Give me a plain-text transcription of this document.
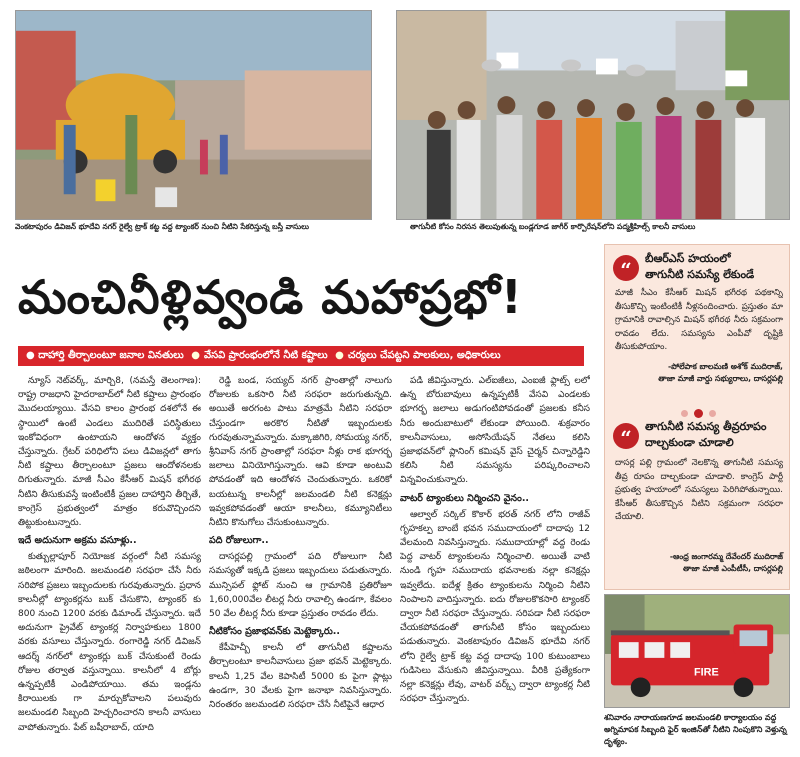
వెంకటాపురం డివిజన్ భూదేవి నగర్ రైల్వే ట్రాక్ కట్ట వద్ద ట్యాంకర్ నుంచి నీటిని సేకరిస్తున్న బస్తీ వాసులు	తాగునీటి కోసం నిరసన తెలుపుతున్న బండ్లగూడ జాగీర్ కార్పొరేషన్‌లోని పద్మశ్రీహిల్స్ కాలనీ వాసులు
మంచినీళ్లివ్వండి మహాప్రభో!
● దాహార్తి తీర్చాలంటూ జనాల వినతులు ● వేసవి ప్రారంభంలోనే నీటి కష్టాలు ● చర్యలు చేపట్టని పాలకులు, అధికారులు

న్యూస్ నెట్‌వర్క్, మార్చి8, (నమస్తే తెలంగాణ): రాష్ట్ర రాజధాని హైదరాబాద్‌లో నీటి కష్టాలు ప్రారంభం మొదలయ్యాయి. వేసవి కాలం ప్రారంభ దశలోనే ఈ స్థాయిలో ఉంటే ఎండలు ముదిరితే పరిస్థితులు ఇంకోవిధంగా ఉంటాయని ఆందోళన వ్యక్తం చేస్తున్నారు. గ్రేటర్ పరిధిలోని పలు డివిజన్లలో తాగు నీటి కష్టాలు తీర్చాలంటూ ప్రజలు ఆందోళనలకు దిగుతున్నారు. మాజీ సీఎం కేసీఆర్ మిషన్ భగీరథ నీటిని తీసుకువస్తే ఇంటింటికీ ప్రజల దాహార్తిని తీర్చితే, కాంగ్రెస్ ప్రభుత్వంలో మాత్రం కరువొచ్చిందని తిట్టుకుంటున్నారు.

ఇదే అదునుగా అక్రమ వసూళ్లు..

కుత్బుల్లాపూర్ నియోజక వర్గంలో నీటి సమస్య జఠిలంగా మారింది. జలమండలి సరఫరా చేసే నీరు సరిపోక ప్రజలు ఇబ్బందులకు గురవుతున్నారు. ప్రధాన కాలనీల్లో ట్యాంకర్లను బుక్ చేసుకొని, ట్యాంకర్ కు 800 నుంచి 1200 వరకు డిమాండ్ చేస్తున్నారు. ఇదే అదునుగా ప్రైవేట్ ట్యాంకర్ల నిర్వాహకులు 1800 వరకు వసూలు చేస్తున్నారు. రంగారెడ్డి నగర్ డివిజన్ ఆదర్శ్ నగర్‌లో ట్యాంకర్లు బుక్ చేసుకుంటే రెండు రోజుల తర్వాత వస్తున్నాయి. కాలనీలో 4 బోర్లు ఉన్నప్పటికీ ఎండిపోయాయి. తమ ఇండ్లను కిరాయిలకు గా మార్చుకోవాలని పలువురు జలమండలి సిబ్బంది హెచ్చరించారని కాలనీ వాసులు వాపోతున్నారు. పేట్ బషీరాబాద్, యాది

రెడ్డి బండ, సయ్యద్ నగర్ ప్రాంతాల్లో నాలుగు రోజులకు ఒకసారి నీటి సరఫరా జరుగుతున్నది. అయితే అరగంట పాటు మాత్రమే నీటిని సరఫరా చేస్తుండగా అరకొర నీటితో ఇబ్బందులకు గురవుతున్నామన్నారు. మక్కాజిగిరి, సోమయ్య నగర్, శ్రీనివాస్ నగర్ ప్రాంతాల్లో సరఫరా నీళ్లు రాక భూగర్భ జలాలు వినియోగిస్తున్నారు. ఆవి కూడా అంటువి పోవడంతో ఇది ఆందోళన చెందుతున్నారు. ఒకరికో బయటున్న కాలనీల్లో జలమండలి నీటి కనెక్షన్లు ఇవ్వకపోవడంతో ఆయా కాలనీలు, కమ్యూనిటీలు నీటిని కొనుగోలు చేసుకుంటున్నారు.

పది రోజులుగా..

దాసర్లపల్లి గ్రామంలో పది రోజులుగా నీటి సమస్యతో ఇక్కడి ప్రజలు ఇబ్బందులు పడుతున్నారు. మున్సిపల్ ఫ్లోట్ నుంచి ఆ గ్రామానికి ప్రతిరోజూ 1,60,000వేల లీటర్ల నీరు రావాల్సి ఉండగా, కేవలం 50 వేల లీటర్ల నీరు కూడా ప్రస్తుతం రావడం లేదు.

నీటికోసం ప్రజాభవన్‌కు మెట్టెక్కారు..

కేపీహెచ్బీ కాలనీ లో తాగునీటి కష్టాలను తీర్చాలంటూ కాలనీవాసులు ప్రజా భవన్ మెట్టెక్కారు. కాలనీ 1,25 వేల కెపాసిటీ 5000 కు పైగా ప్లాట్లు ఉండగా, 30 వేలకు పైగా జనాభా నివసిస్తున్నారు. నిరంతరం జలమండలి సరఫరా చేసే నీటిపైనే ఆధార

పడి జీవిస్తున్నారు. ఎల్‌ఐజీలు, ఎంఐజీ ఫ్లాట్స్ లలో ఉన్న బోరుబావులు ఉన్నప్పటికీ వేసవి ఎండలకు భూగర్భ జలాలు అడుగంటిపోవడంతో ప్రజలకు కనీస నీరు అందుబాటులో లేకుండా పోయింది. శుక్రవారం కాలనీవాసులు, అసోసియేషన్ నేతలు కలిసి ప్రజాభవన్‌లో ప్లానింగ్ కమిషన్ వైస్ చైర్మన్‌ చిన్నారెడ్డిని కలిసి నీటి సమస్యను పరిష్కరించాలని విన్నవించుకున్నారు.

వాటర్ ట్యాంకులు నిర్మించని వైనం..

ఆల్వాల్ సర్కిల్ కొకార్ భరత్ నగర్ లోని రాజీవ్ గృహకల్ప బాంబే భవన సముదాయంలో దాదాపు 12 వేలమంది నివసిస్తున్నారు. సముదాయాల్లో వద్ద రెండు పెద్ద వాటర్ ట్యాంకులను నిర్మించాలి. అయితే వాటి నుండి గృహ సముదాయ భవనాలకు నల్లా కనెక్షన్లు ఇవ్వలేదు. ఐదేళ్ల క్రితం ట్యాంకులను నిర్మించి నీటిని నింపాలని వాదిస్తున్నారు. ఐదు రోజులకొకసారి ట్యాంకర్ ద్వారా నీటి సరఫరా చేస్తున్నారు. సరిపడా నీటి సరఫరా చేయకపోవడంతో తాగునీటి కోసం ఇబ్బందులు పడుతున్నారు. వెంకటాపురం డివిజన్ భూదేవి నగర్ లోని రైల్వే ట్రాక్ కట్ట వద్ద దాదాపు 100 కుటుంబాలు గుడిసెలు వేసుకుని జీవిస్తున్నాయి. వీరికి ప్రత్యేకంగా నల్లా కనెక్షన్లు లేవు, వాటర్ వర్క్స్ ద్వారా ట్యాంకర్ల నీటి సరఫరా చేస్తున్నారు.

“	బీఆర్ఎస్ హయంలో
తాగునీటి సమస్యే లేకుండే
మాజీ సీఎం కేసీఆర్ మిషన్ భగీరథ పథకాన్ని తీసుకొచ్చి ఇంటింటికీ నీళ్లనందించారు. ప్రస్తుతం మా గ్రామానికి రావాల్సిన మిషన్ భగీరథ నీరు సక్రమంగా రావడం లేదు. సమస్యను ఎంపీవో దృష్టికి తీసుకుపోయాం.
-పోలేపాక బాలమణి అశోక్ ముదిరాజ్,
తాజా మాజీ వార్డు సభ్యురాలు, దాసర్లపల్లి
“	తాగునీటి సమస్య తీవ్రరూపం
దాల్చకుండా చూడాలి
దాసర్ల పల్లి గ్రామంలో నెలకొన్న తాగునీటి సమస్య తీవ్ర రూపం దాల్చకుండా చూడాలి. కాంగ్రెస్ పార్టీ ప్రభుత్వ హయాంలో సమస్యలు పెరిగిపోతున్నాయి. కేసీఆర్ తీసుకొచ్చిన నీటిని సక్రమంగా సరఫరా చేయాలి.
-ఆంధ్ర జంగారమ్మ దేవేందర్ ముదిరాజ్
తాజా మాజీ ఎంపీటీసీ, దాసర్లపల్లి
FIRE
శనివారం నారాయణగూడ జలమండలి కార్యాలయం వద్ద అగ్నిమాపక సిబ్బంది ఫైర్ ఇంజిన్‌తో నీటిని నింపుకొని వెళ్తున్న దృశ్యం.
